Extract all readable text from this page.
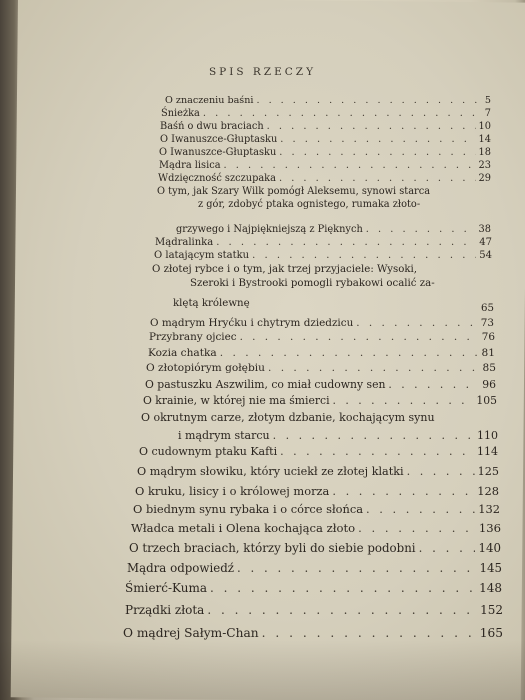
SPIS RZECZY
O znaczeniu baśni . . .	5
Śnieżka . . .	7
Baśń o dwu braciach . . .	10
O Iwanuszce-Głuptasku . . .	14
O Iwanuszce-Głuptasku . . .	18
Mądra lisica . . .	23
Wdzięczność szczupaka . . .	29
O tym, jak Szary Wilk pomógł Aleksemu, synowi starca
z gór, zdobyć ptaka ognistego, rumaka złoto-
grzywego i Najpiękniejszą z Pięknych . . .	38
Mądralinka . . .	47
O latającym statku . . .	54
O złotej rybce i o tym, jak trzej przyjaciele: Wysoki,
Szeroki i Bystrooki pomogli rybakowi ocalić za-
klętą królewnę	65
O mądrym Hryćku i chytrym dziedzicu . . .	73
Przybrany ojciec . . .	76
Kozia chatka . . .	81
O złotopiórym gołębiu . . .	85
O pastuszku Aszwilim, co miał cudowny sen . . .	96
O krainie, w której nie ma śmierci . . .	105
O okrutnym carze, złotym dzbanie, kochającym synu
i mądrym starcu . . .	110
O cudownym ptaku Kafti . . .	114
O mądrym słowiku, który uciekł ze złotej klatki . . .	125
O kruku, lisicy i o królowej morza . . .	128
O biednym synu rybaka i o córce słońca . . .	132
Władca metali i Olena kochająca złoto . . .	136
O trzech braciach, którzy byli do siebie podobni . . .	140
Mądra odpowiedź . . .	145
Śmierć-Kuma . . .	148
Prządki złota . . .	152
O mądrej Sałym-Chan . . .	165
